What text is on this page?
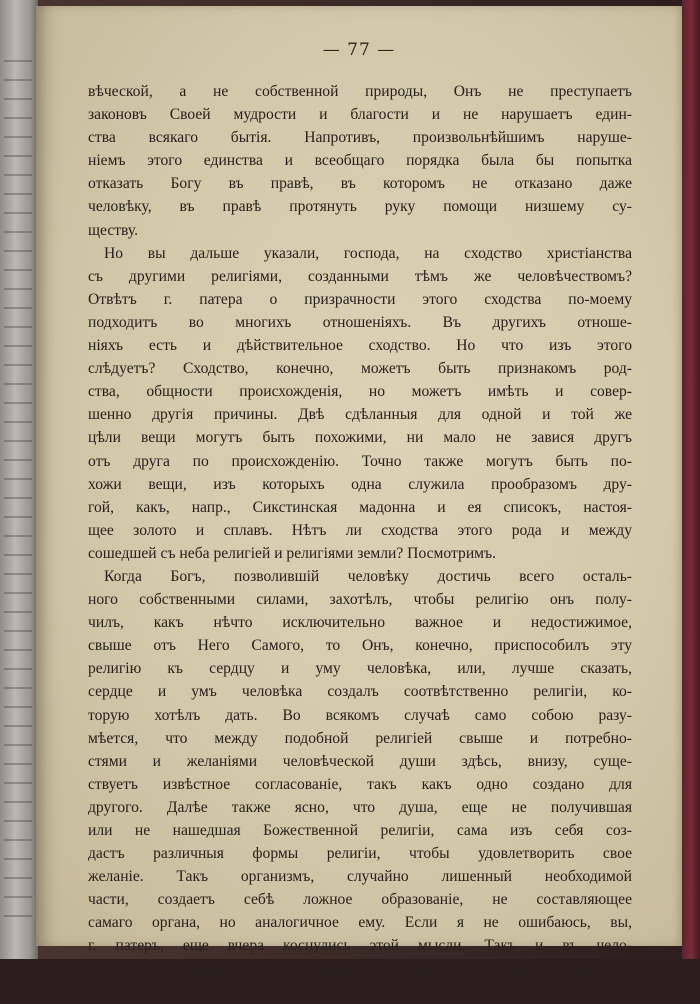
— 77 —
вѣческой, а не собственной природы, Онъ не преступаетъ
законовъ Своей мудрости и благости и не нарушаетъ един-
ства всякаго бытія. Напротивъ, произвольнѣйшимъ наруше-
ніемъ этого единства и всеобщаго порядка была бы попытка
отказать Богу въ правѣ, въ которомъ не отказано даже
человѣку, въ правѣ протянуть руку помощи низшему су-
ществу.
Но вы дальше указали, господа, на сходство христіанства
съ другими религіями, созданными тѣмъ же человѣчествомъ?
Отвѣтъ г. патера о призрачности этого сходства по-моему
подходитъ во многихъ отношеніяхъ. Въ другихъ отноше-
ніяхъ есть и дѣйствительное сходство. Но что изъ этого
слѣдуетъ? Сходство, конечно, можетъ быть признакомъ род-
ства, общности происхожденія, но можетъ имѣть и совер-
шенно другія причины. Двѣ сдѣланныя для одной и той же
цѣли вещи могутъ быть похожими, ни мало не завися другъ
отъ друга по происхожденію. Точно также могутъ быть по-
хожи вещи, изъ которыхъ одна служила прообразомъ дру-
гой, какъ, напр., Сикстинская мадонна и ея списокъ, настоя-
щее золото и сплавъ. Нѣтъ ли сходства этого рода и между
сошедшей съ неба религіей и религіями земли? Посмотримъ.
Когда Богъ, позволившій человѣку достичь всего осталь-
ного собственными силами, захотѣлъ, чтобы религію онъ полу-
чилъ, какъ нѣчто исключительно важное и недостижимое,
свыше отъ Него Самого, то Онъ, конечно, приспособилъ эту
религію къ сердцу и уму человѣка, или, лучше сказать,
сердце и умъ человѣка создалъ соотвѣтственно религіи, ко-
торую хотѣлъ дать. Во всякомъ случаѣ само собою разу-
мѣется, что между подобной религіей свыше и потребно-
стями и желаніями человѣческой души здѣсь, внизу, суще-
ствуетъ извѣстное согласованіе, такъ какъ одно создано для
другого. Далѣе также ясно, что душа, еще не получившая
или не нашедшая Божественной религіи, сама изъ себя соз-
дастъ различныя формы религіи, чтобы удовлетворить свое
желаніе. Такъ организмъ, случайно лишенный необходимой
части, создаетъ себѣ ложное образованіе, не составляющее
самаго органа, но аналогичное ему. Если я не ошибаюсь, вы,
г. патеръ, еще вчера коснулись этой мысли. Такъ и въ чело-
вѣчествѣ наряду съ истинной религіей должно существо-
вать извѣстное число ложныхъ религій, и эти послѣднія
